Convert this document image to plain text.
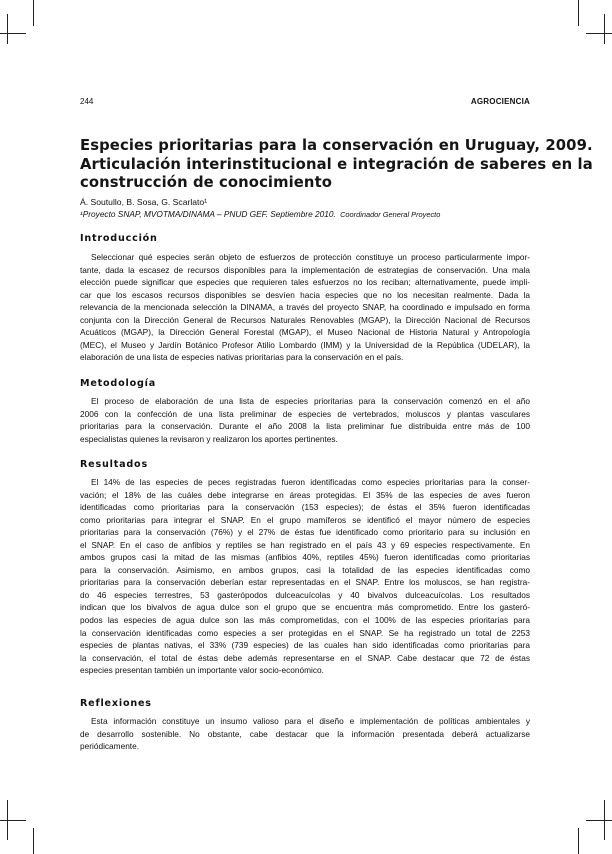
244	AGROCIENCIA
Especies prioritarias para la conservación en Uruguay, 2009.
Articulación interinstitucional e integración de saberes en la
construcción de conocimiento
Á. Soutullo, B. Sosa, G. Scarlato¹
¹Proyecto SNAP, MVOTMA/DINAMA – PNUD GEF. Septiembre 2010. Coordinador General Proyecto
Introducción
Seleccionar qué especies serán objeto de esfuerzos de protección constituye un proceso particularmente impor-
tante, dada la escasez de recursos disponibles para la implementación de estrategias de conservación. Una mala
elección puede significar que especies que requieren tales esfuerzos no los reciban; alternativamente, puede impli-
car que los escasos recursos disponibles se desvíen hacia especies que no los necesitan realmente. Dada la
relevancia de la mencionada selección la DINAMA, a través del proyecto SNAP, ha coordinado e impulsado en forma
conjunta con la Dirección General de Recursos Naturales Renovables (MGAP), la Dirección Nacional de Recursos
Acuáticos (MGAP), la Dirección General Forestal (MGAP), el Museo Nacional de Historia Natural y Antropología
(MEC), el Museo y Jardín Botánico Profesor Atilio Lombardo (IMM) y la Universidad de la República (UDELAR), la
elaboración de una lista de especies nativas prioritarias para la conservación en el país.
Metodología
El proceso de elaboración de una lista de especies prioritarias para la conservación comenzó en el año
2006 con la confección de una lista preliminar de especies de vertebrados, moluscos y plantas vasculares
prioritarias para la conservación. Durante el año 2008 la lista preliminar fue distribuida entre más de 100
especialistas quienes la revisaron y realizaron los aportes pertinentes.
Resultados
El 14% de las especies de peces registradas fueron identificadas como especies prioritarias para la conser-
vación; el 18% de las cuáles debe integrarse en áreas protegidas. El 35% de las especies de aves fueron
identificadas como prioritarias para la conservación (153 especies); de éstas el 35% fueron identificadas
como prioritarias para integrar el SNAP. En el grupo mamíferos se identificó el mayor número de especies
prioritarias para la conservación (76%) y el 27% de éstas fue identificado como prioritario para su inclusión en
el SNAP. En el caso de anfibios y reptiles se han registrado en el país 43 y 69 especies respectivamente. En
ambos grupos casi la mitad de las mismas (anfibios 40%, reptiles 45%) fueron identificadas como prioritarias
para la conservación. Asimismo, en ambos grupos, casi la totalidad de las especies identificadas como
prioritarias para la conservación deberían estar representadas en el SNAP. Entre los moluscos, se han registra-
do 46 especies terrestres, 53 gasterópodos dulceacuícolas y 40 bivalvos dulceacuícolas. Los resultados
indican que los bivalvos de agua dulce son el grupo que se encuentra más comprometido. Entre los gasteró-
podos las especies de agua dulce son las más comprometidas, con el 100% de las especies prioritarias para
la conservación identificadas como especies a ser protegidas en el SNAP. Se ha registrado un total de 2253
especies de plantas nativas, el 33% (739 especies) de las cuales han sido identificadas como prioritarias para
la conservación, el total de éstas debe además representarse en el SNAP. Cabe destacar que 72 de éstas
especies presentan también un importante valor socio-económico.
Reflexiones
Esta información constituye un insumo valioso para el diseño e implementación de políticas ambientales y
de desarrollo sostenible. No obstante, cabe destacar que la información presentada deberá actualizarse
periódicamente.
